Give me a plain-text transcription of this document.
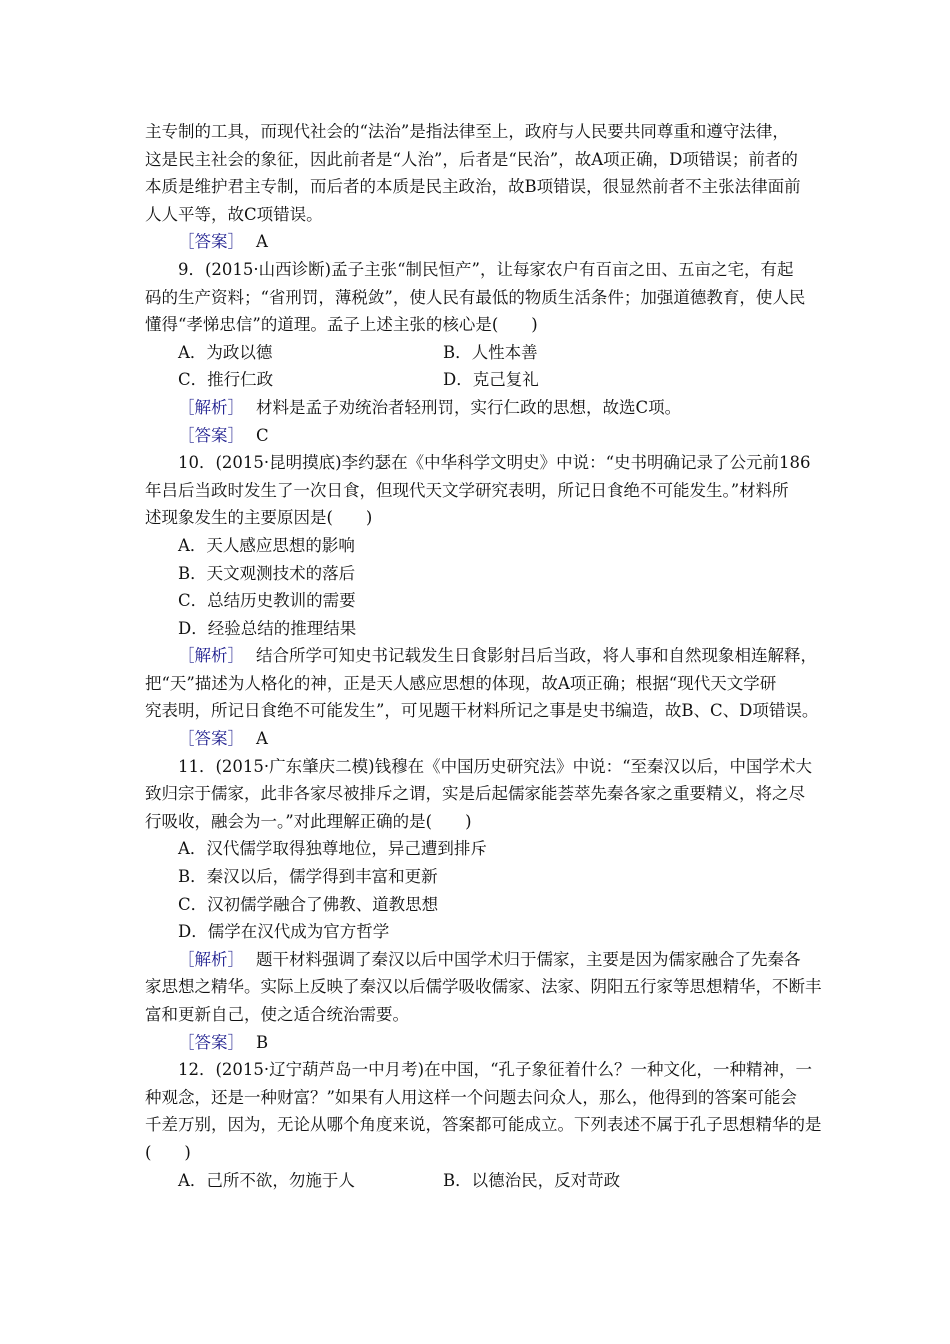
主专制的工具，而现代社会的“法治”是指法律至上，政府与人民要共同尊重和遵守法律，
这是民主社会的象征，因此前者是“人治”，后者是“民治”，故A项正确，D项错误；前者的
本质是维护君主专制，而后者的本质是民主政治，故B项错误，很显然前者不主张法律面前
人人平等，故C项错误。
［答案］ A
9．(2015·山西诊断)孟子主张“制民恒产”，让每家农户有百亩之田、五亩之宅，有起
码的生产资料；“省刑罚，薄税敛”，使人民有最低的物质生活条件；加强道德教育，使人民
懂得“孝悌忠信”的道理。孟子上述主张的核心是(　　)
A．为政以德	B．人性本善
C．推行仁政	D．克己复礼
［解析］ 材料是孟子劝统治者轻刑罚，实行仁政的思想，故选C项。
［答案］ C
10．(2015·昆明摸底)李约瑟在《中华科学文明史》中说：“史书明确记录了公元前186
年吕后当政时发生了一次日食，但现代天文学研究表明，所记日食绝不可能发生。”材料所
述现象发生的主要原因是(　　)
A．天人感应思想的影响
B．天文观测技术的落后
C．总结历史教训的需要
D．经验总结的推理结果
［解析］ 结合所学可知史书记载发生日食影射吕后当政，将人事和自然现象相连解释，
把“天”描述为人格化的神，正是天人感应思想的体现，故A项正确；根据“现代天文学研
究表明，所记日食绝不可能发生”，可见题干材料所记之事是史书编造，故B、C、D项错误。
［答案］ A
11．(2015·广东肇庆二模)钱穆在《中国历史研究法》中说：“至秦汉以后，中国学术大
致归宗于儒家，此非各家尽被排斥之谓，实是后起儒家能荟萃先秦各家之重要精义，将之尽
行吸收，融会为一。”对此理解正确的是(　　)
A．汉代儒学取得独尊地位，异己遭到排斥
B．秦汉以后，儒学得到丰富和更新
C．汉初儒学融合了佛教、道教思想
D．儒学在汉代成为官方哲学
［解析］ 题干材料强调了秦汉以后中国学术归于儒家，主要是因为儒家融合了先秦各
家思想之精华。实际上反映了秦汉以后儒学吸收儒家、法家、阴阳五行家等思想精华，不断丰
富和更新自己，使之适合统治需要。
［答案］ B
12．(2015·辽宁葫芦岛一中月考)在中国，“孔子象征着什么？一种文化，一种精神，一
种观念，还是一种财富？”如果有人用这样一个问题去问众人，那么，他得到的答案可能会
千差万别，因为，无论从哪个角度来说，答案都可能成立。下列表述不属于孔子思想精华的是
(　　)
A．己所不欲，勿施于人	B．以德治民，反对苛政
